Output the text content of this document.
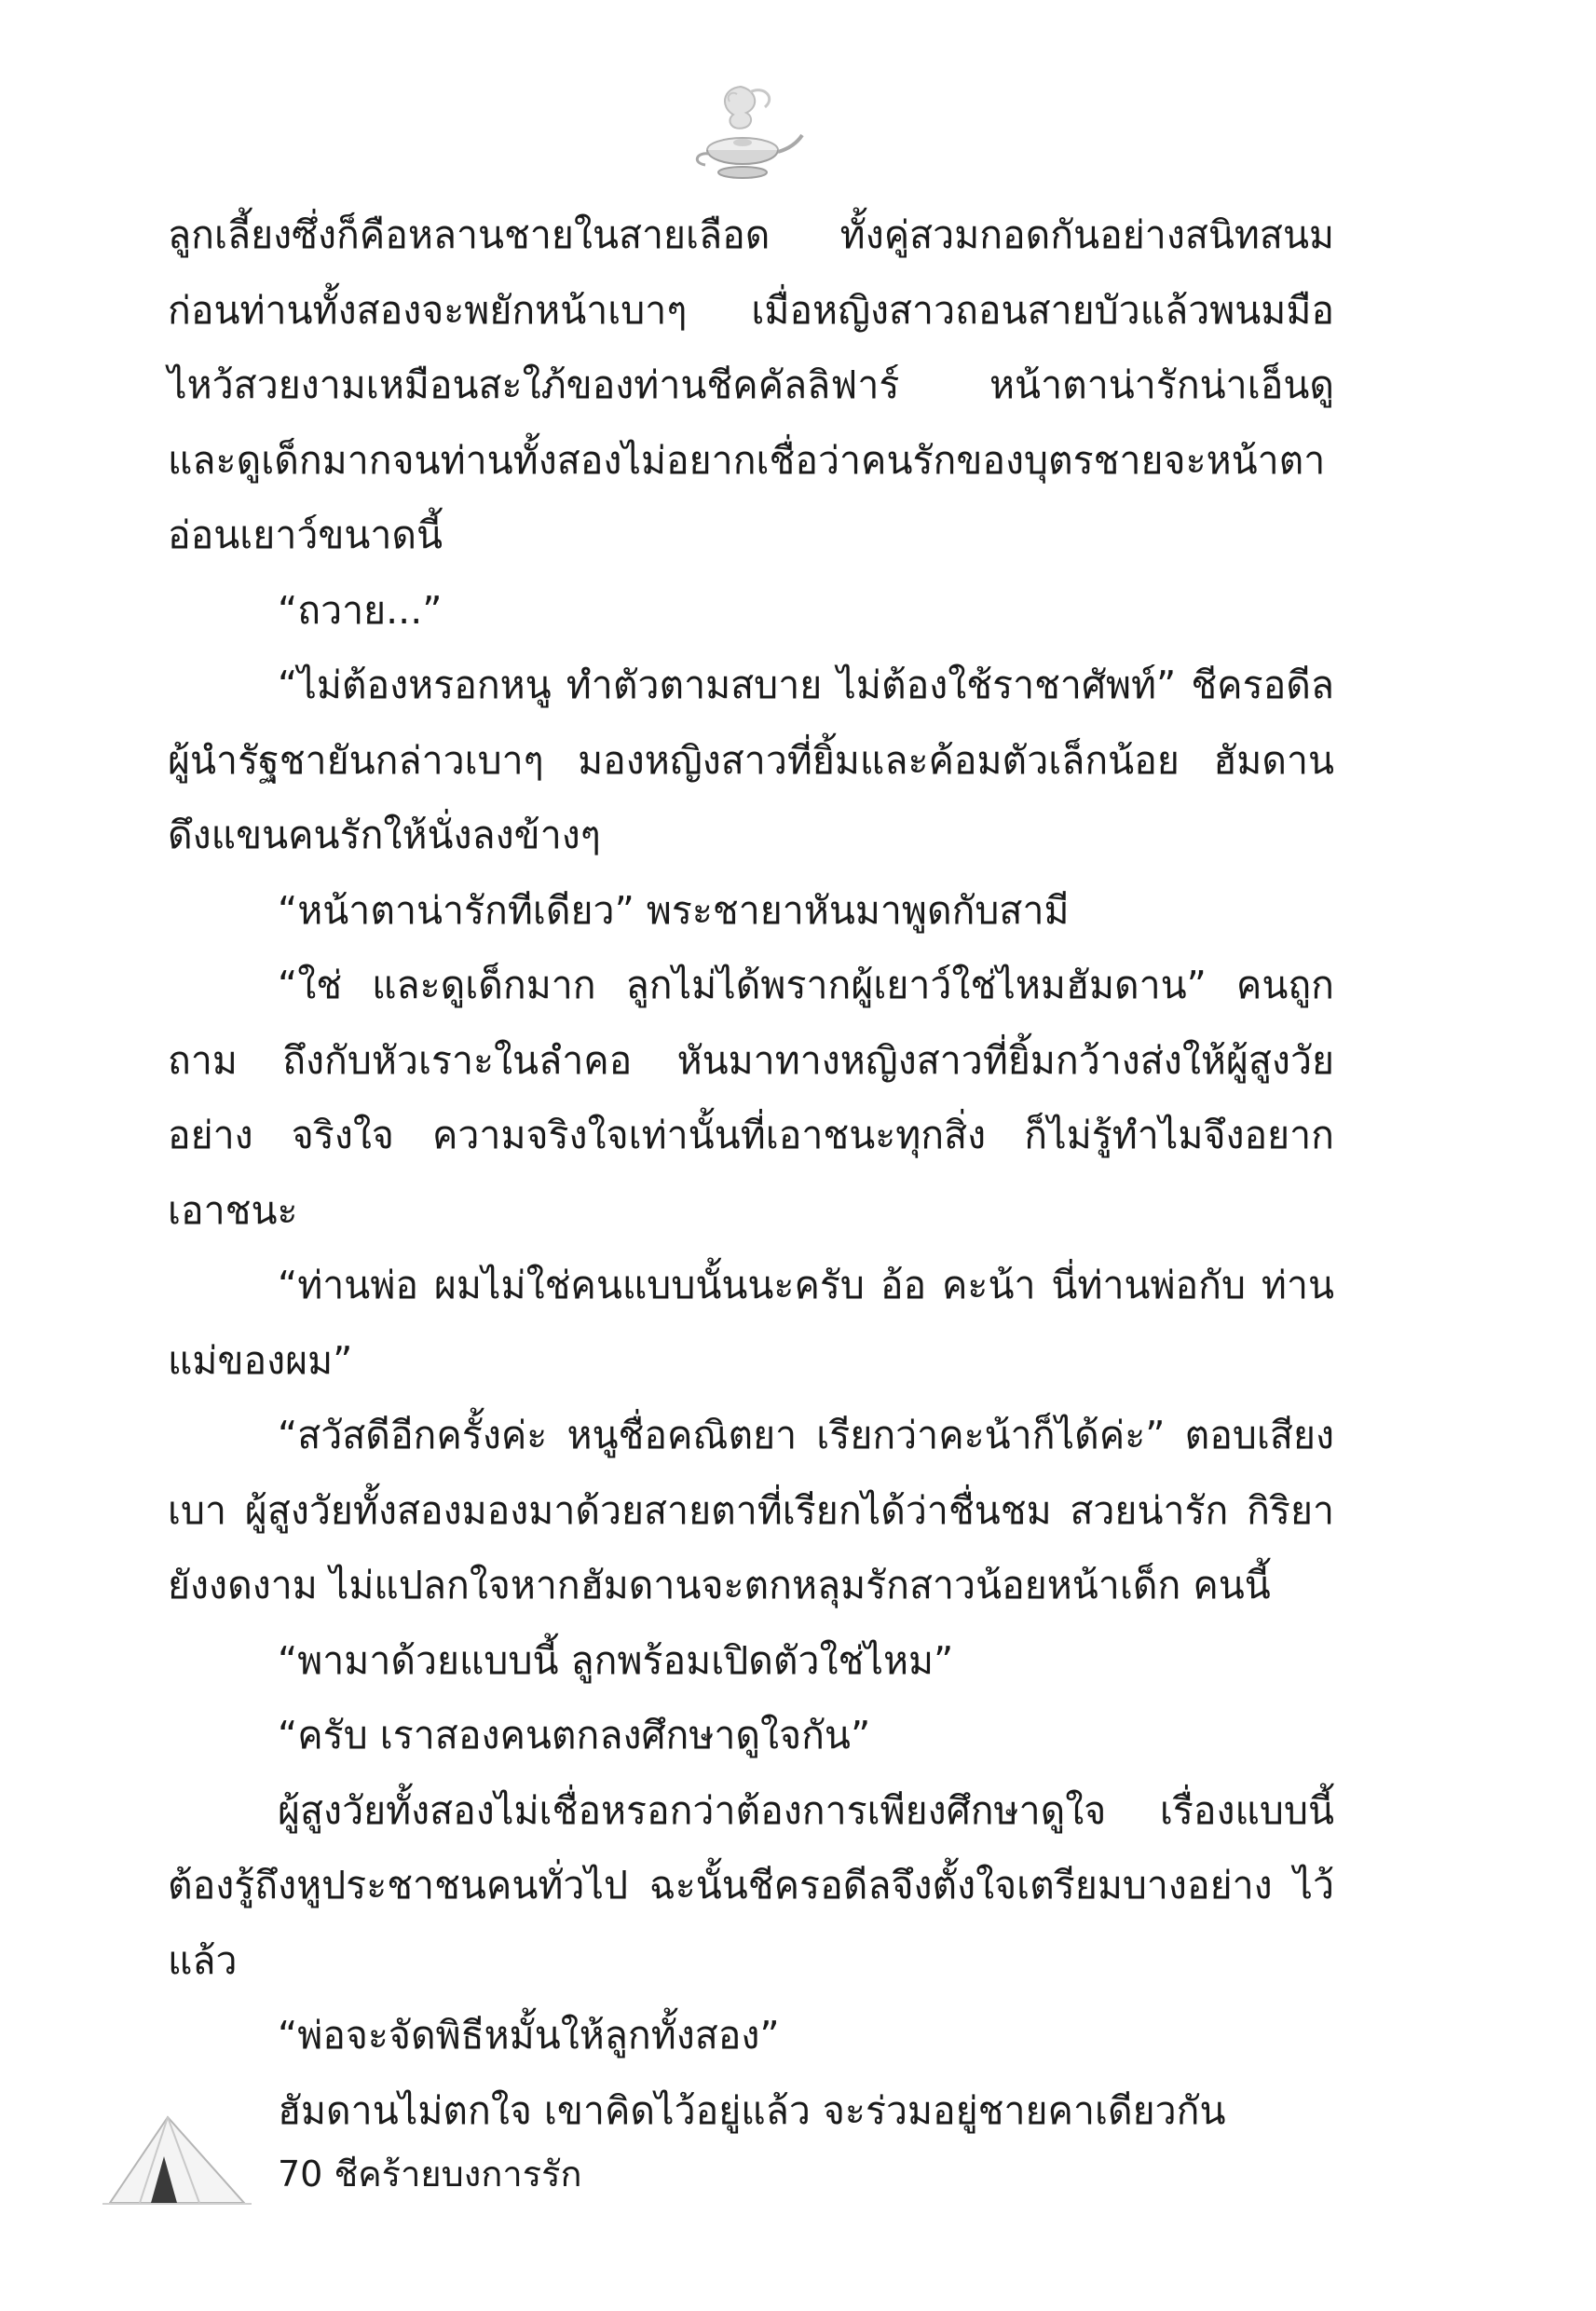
ลูกเลี้ยงซึ่งก็คือหลานชายในสายเลือด ทั้งคู่สวมกอดกันอย่างสนิทสนม ก่อนท่านทั้งสองจะพยักหน้าเบาๆ เมื่อหญิงสาวถอนสายบัวแล้วพนมมือ ไหว้สวยงามเหมือนสะใภ้ของท่านชีคคัลลิฟาร์ หน้าตาน่ารักน่าเอ็นดู และดูเด็กมากจนท่านทั้งสองไม่อยากเชื่อว่าคนรักของบุตรชายจะหน้าตา อ่อนเยาว์ขนาดนี้

“ถวาย...”

“ไม่ต้องหรอกหนู ทำตัวตามสบาย ไม่ต้องใช้ราชาศัพท์” ชีครอดีล ผู้นำรัฐชายันกล่าวเบาๆ มองหญิงสาวที่ยิ้มและค้อมตัวเล็กน้อย ฮัมดาน ดึงแขนคนรักให้นั่งลงข้างๆ

“หน้าตาน่ารักทีเดียว” พระชายาหันมาพูดกับสามี

“ใช่ และดูเด็กมาก ลูกไม่ได้พรากผู้เยาว์ใช่ไหมฮัมดาน” คนถูกถาม ถึงกับหัวเราะในลำคอ หันมาทางหญิงสาวที่ยิ้มกว้างส่งให้ผู้สูงวัยอย่าง จริงใจ ความจริงใจเท่านั้นที่เอาชนะทุกสิ่ง ก็ไม่รู้ทำไมจึงอยากเอาชนะ

“ท่านพ่อ ผมไม่ใช่คนแบบนั้นนะครับ อ้อ คะน้า นี่ท่านพ่อกับ ท่านแม่ของผม”

“สวัสดีอีกครั้งค่ะ หนูชื่อคณิตยา เรียกว่าคะน้าก็ได้ค่ะ” ตอบเสียง เบา ผู้สูงวัยทั้งสองมองมาด้วยสายตาที่เรียกได้ว่าชื่นชม สวยน่ารัก กิริยายังงดงาม ไม่แปลกใจหากฮัมดานจะตกหลุมรักสาวน้อยหน้าเด็ก คนนี้

“พามาด้วยแบบนี้ ลูกพร้อมเปิดตัวใช่ไหม”

“ครับ เราสองคนตกลงศึกษาดูใจกัน”

ผู้สูงวัยทั้งสองไม่เชื่อหรอกว่าต้องการเพียงศึกษาดูใจ เรื่องแบบนี้ ต้องรู้ถึงหูประชาชนคนทั่วไป ฉะนั้นชีครอดีลจึงตั้งใจเตรียมบางอย่าง ไว้แล้ว

“พ่อจะจัดพิธีหมั้นให้ลูกทั้งสอง”

ฮัมดานไม่ตกใจ เขาคิดไว้อยู่แล้ว จะร่วมอยู่ชายคาเดียวกัน

70 ชีคร้ายบงการรัก
